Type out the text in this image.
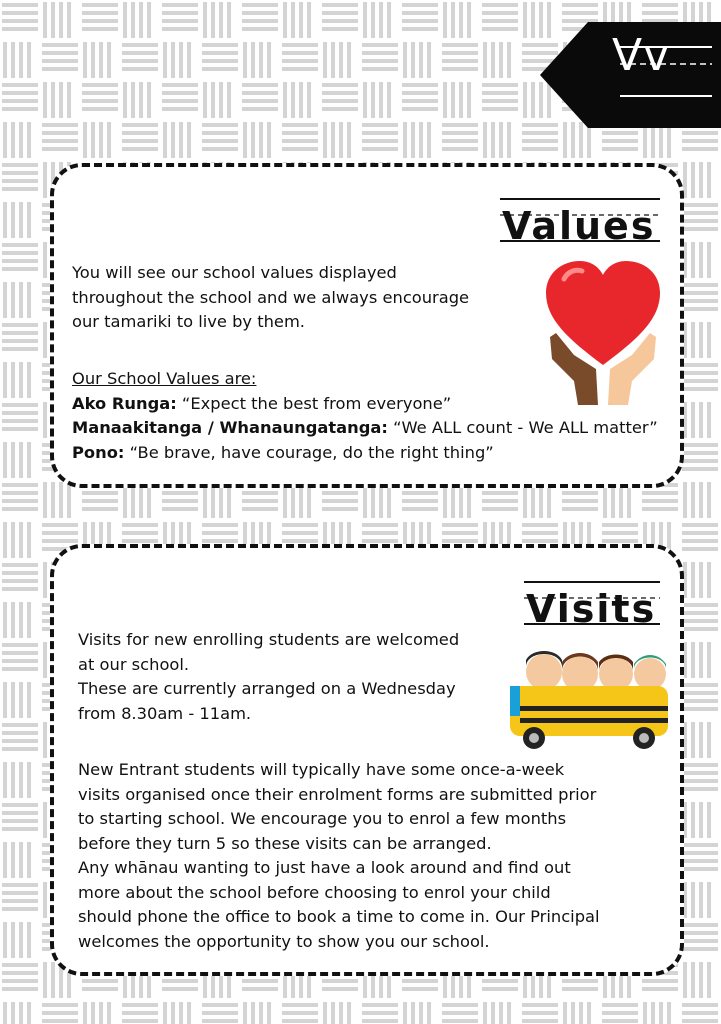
Vv
Values

You will see our school values displayed

throughout the school and we always encourage

our tamariki to live by them.

Our School Values are:

Ako Runga: “Expect the best from everyone”

Manaakitanga / Whanaungatanga: “We ALL count - We ALL matter”

Pono: “Be brave, have courage, do the right thing”

Visits

Visits for new enrolling students are welcomed

at our school.

These are currently arranged on a Wednesday

from 8.30am - 11am.

New Entrant students will typically have some once-a-week

visits organised once their enrolment forms are submitted prior

to starting school. We encourage you to enrol a few months

before they turn 5 so these visits can be arranged.

Any whānau wanting to just have a look around and find out

more about the school before choosing to enrol your child

should phone the office to book a time to come in. Our Principal

welcomes the opportunity to show you our school.
